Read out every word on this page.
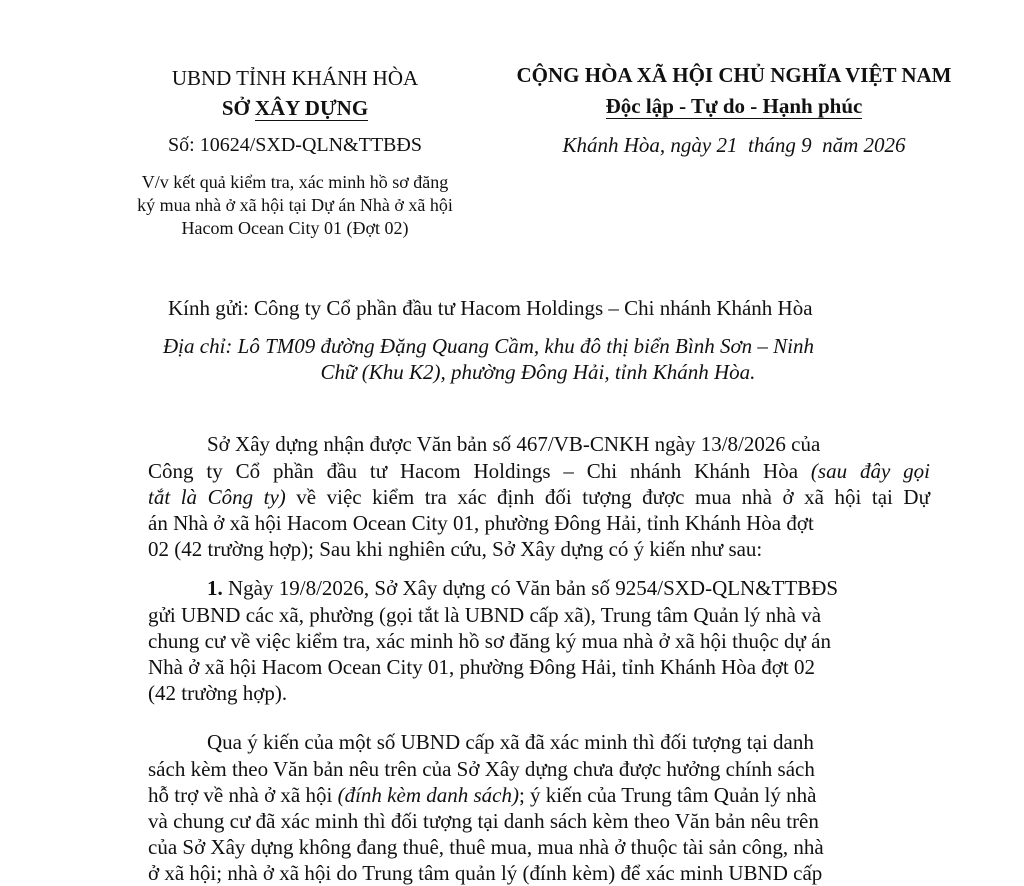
UBND TỈNH KHÁNH HÒA
SỞ XÂY DỰNG
Số: 10624/SXD-QLN&TTBĐS
V/v kết quả kiểm tra, xác minh hồ sơ đăng
ký mua nhà ở xã hội tại Dự án Nhà ở xã hội
Hacom Ocean City 01 (Đợt 02)
CỘNG HÒA XÃ HỘI CHỦ NGHĨA VIỆT NAM
Độc lập - Tự do - Hạnh phúc
Khánh Hòa, ngày 21  tháng 9  năm 2026
Kính gửi: Công ty Cổ phần đầu tư Hacom Holdings – Chi nhánh Khánh Hòa
Địa chỉ: Lô TM09 đường Đặng Quang Cầm, khu đô thị biển Bình Sơn – Ninh
Chữ (Khu K2), phường Đông Hải, tỉnh Khánh Hòa.
Sở Xây dựng nhận được Văn bản số 467/VB-CNKH ngày 13/8/2026 của
Công ty Cổ phần đầu tư Hacom Holdings – Chi nhánh Khánh Hòa (sau đây gọi
tắt là Công ty) về việc kiểm tra xác định đối tượng được mua nhà ở xã hội tại Dự
án Nhà ở xã hội Hacom Ocean City 01, phường Đông Hải, tỉnh Khánh Hòa đợt
02 (42 trường hợp); Sau khi nghiên cứu, Sở Xây dựng có ý kiến như sau:
1. Ngày 19/8/2026, Sở Xây dựng có Văn bản số 9254/SXD-QLN&TTBĐS
gửi UBND các xã, phường (gọi tắt là UBND cấp xã), Trung tâm Quản lý nhà và
chung cư về việc kiểm tra, xác minh hồ sơ đăng ký mua nhà ở xã hội thuộc dự án
Nhà ở xã hội Hacom Ocean City 01, phường Đông Hải, tỉnh Khánh Hòa đợt 02
(42 trường hợp).
Qua ý kiến của một số UBND cấp xã đã xác minh thì đối tượng tại danh
sách kèm theo Văn bản nêu trên của Sở Xây dựng chưa được hưởng chính sách
hỗ trợ về nhà ở xã hội (đính kèm danh sách); ý kiến của Trung tâm Quản lý nhà
và chung cư đã xác minh thì đối tượng tại danh sách kèm theo Văn bản nêu trên
của Sở Xây dựng không đang thuê, thuê mua, mua nhà ở thuộc tài sản công, nhà
ở xã hội; nhà ở xã hội do Trung tâm quản lý (đính kèm) để xác minh UBND cấp
